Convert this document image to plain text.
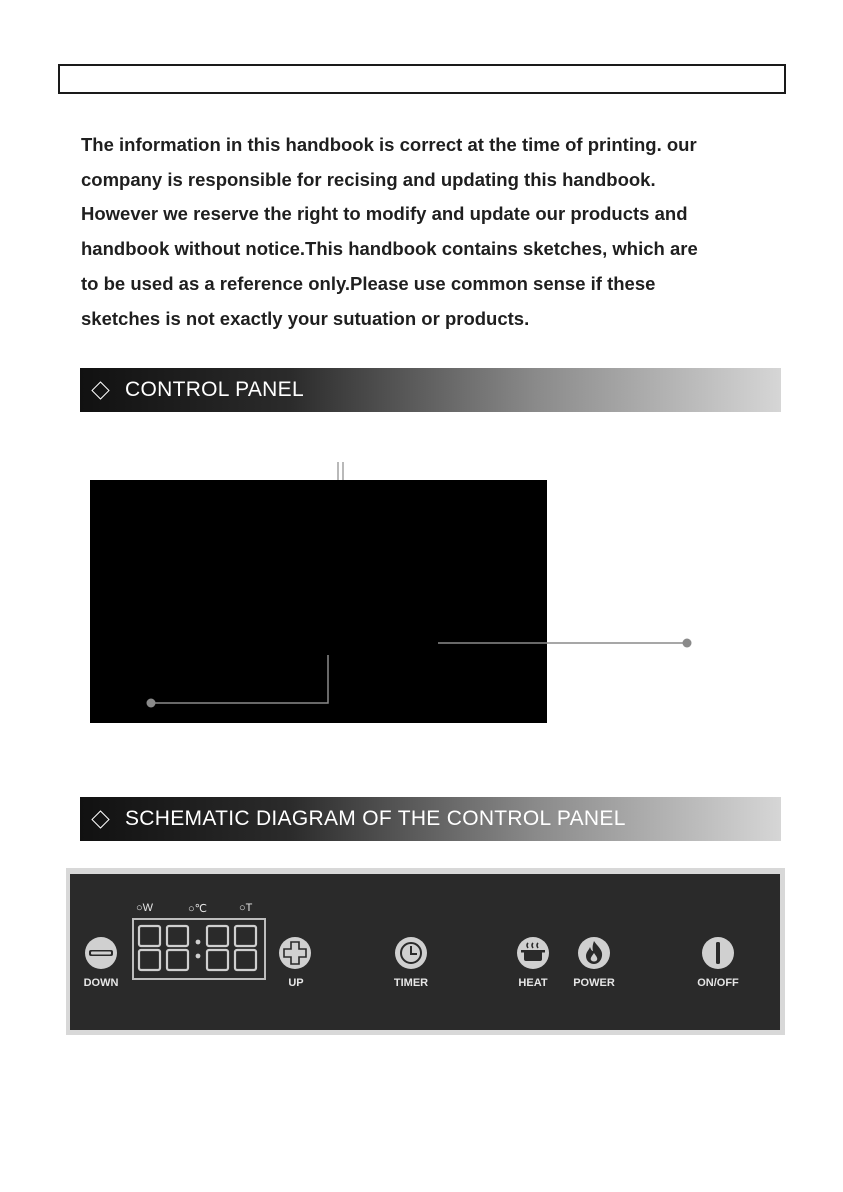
The information in this handbook is correct at the time of printing. our
company is responsible for recising and updating this handbook.
However we reserve the right to modify and update our products and
handbook without notice.This handbook contains sketches, which are
to be used as a reference only.Please use common sense if these
sketches is not exactly your sutuation or products.
CONTROL PANEL
SCHEMATIC DIAGRAM OF THE CONTROL PANEL
○W	○℃	○T
DOWN	UP	TIMER	HEAT	POWER	ON/OFF
